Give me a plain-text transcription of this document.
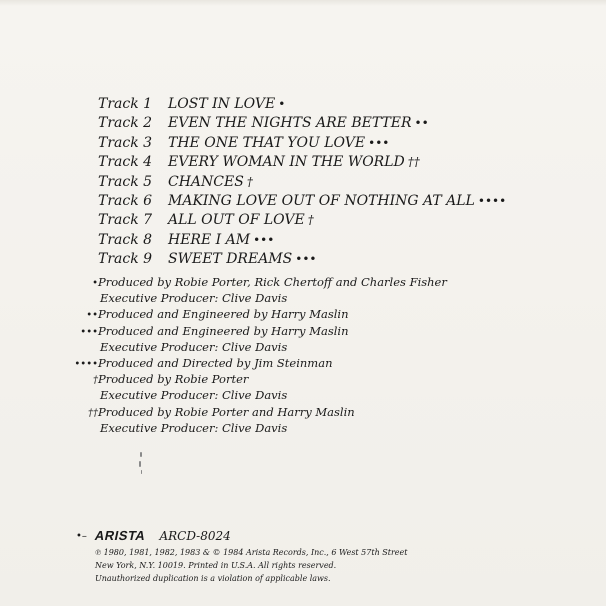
Track 1 LOST IN LOVE •
Track 2 EVEN THE NIGHTS ARE BETTER ••
Track 3 THE ONE THAT YOU LOVE •••
Track 4 EVERY WOMAN IN THE WORLD ††
Track 5 CHANCES †
Track 6 MAKING LOVE OUT OF NOTHING AT ALL ••••
Track 7 ALL OUT OF LOVE †
Track 8 HERE I AM •••
Track 9 SWEET DREAMS •••
•Produced by Robie Porter, Rick Chertoff and Charles Fisher
Executive Producer: Clive Davis
••Produced and Engineered by Harry Maslin
•••Produced and Engineered by Harry Maslin
Executive Producer: Clive Davis
••••Produced and Directed by Jim Steinman
†Produced by Robie Porter
Executive Producer: Clive Davis
††Produced by Robie Porter and Harry Maslin
Executive Producer: Clive Davis
•– ARISTA ARCD-8024
℗ 1980, 1981, 1982, 1983 & © 1984 Arista Records, Inc., 6 West 57th Street
New York, N.Y. 10019. Printed in U.S.A. All rights reserved.
Unauthorized duplication is a violation of applicable laws.
